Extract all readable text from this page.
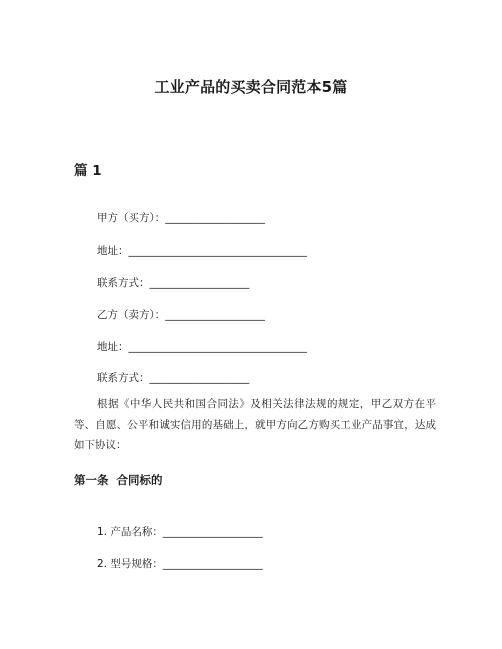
工业产品的买卖合同范本5篇
篇 1
甲方（买方）：___________________
地址：__________________________________
联系方式：___________________
乙方（卖方）：___________________
地址：__________________________________
联系方式：___________________
根据《中华人民共和国合同法》及相关法律法规的规定，甲乙双方在平等、自愿、公平和诚实信用的基础上，就甲方向乙方购买工业产品事宜，达成如下协议：
第一条 合同标的
1. 产品名称：___________________
2. 型号规格：___________________
